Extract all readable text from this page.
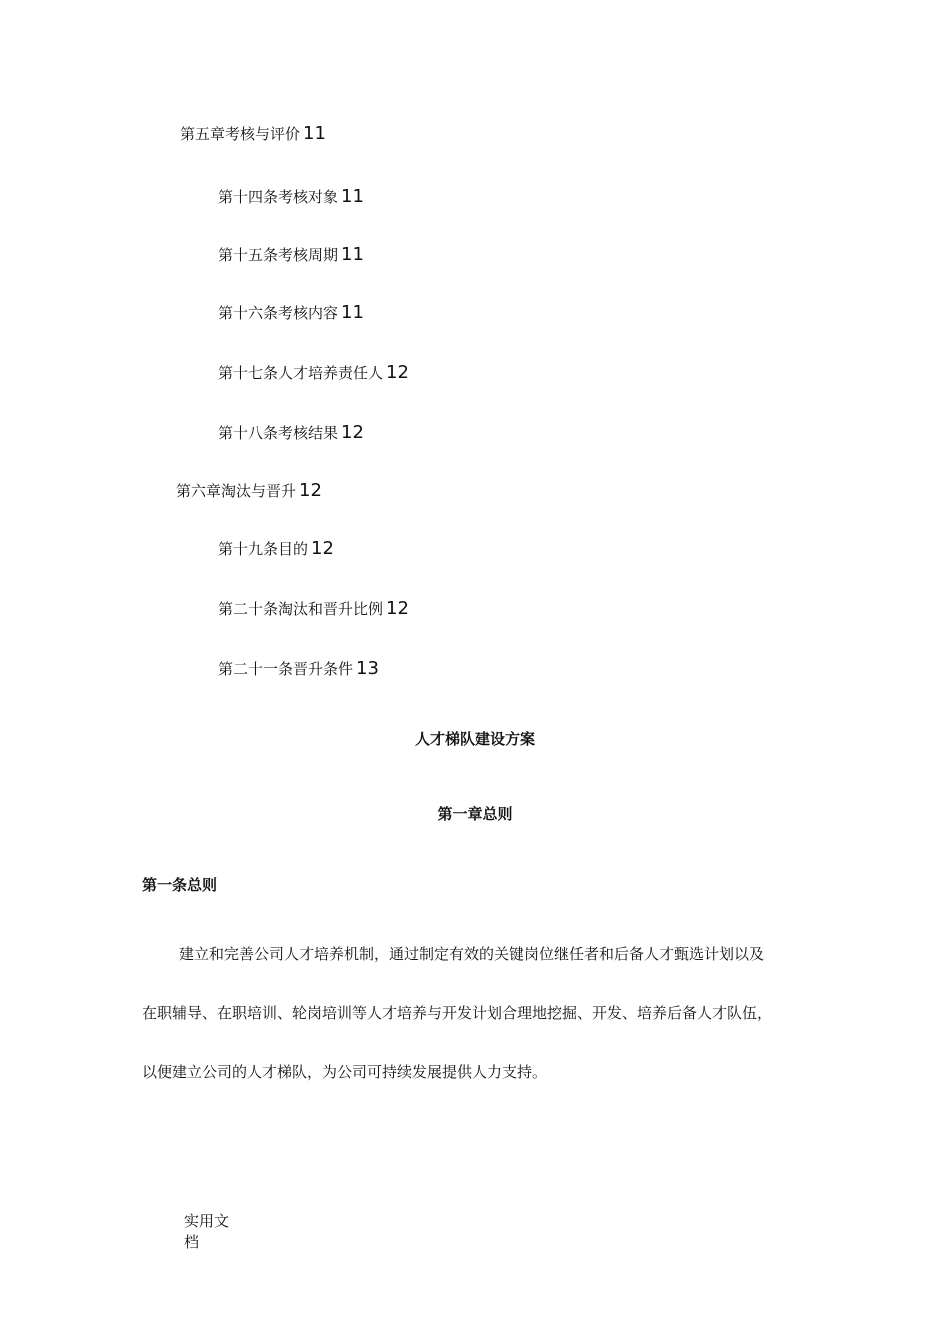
第五章考核与评价 11
第十四条考核对象 11
第十五条考核周期 11
第十六条考核内容 11
第十七条人才培养责任人 12
第十八条考核结果 12
第六章淘汰与晋升 12
第十九条目的 12
第二十条淘汰和晋升比例 12
第二十一条晋升条件 13
人才梯队建设方案
第一章总则
第一条总则
建立和完善公司人才培养机制，通过制定有效的关键岗位继任者和后备人才甄选计划以及
在职辅导、在职培训、轮岗培训等人才培养与开发计划合理地挖掘、开发、培养后备人才队伍，
以便建立公司的人才梯队，为公司可持续发展提供人力支持。
实用文档
